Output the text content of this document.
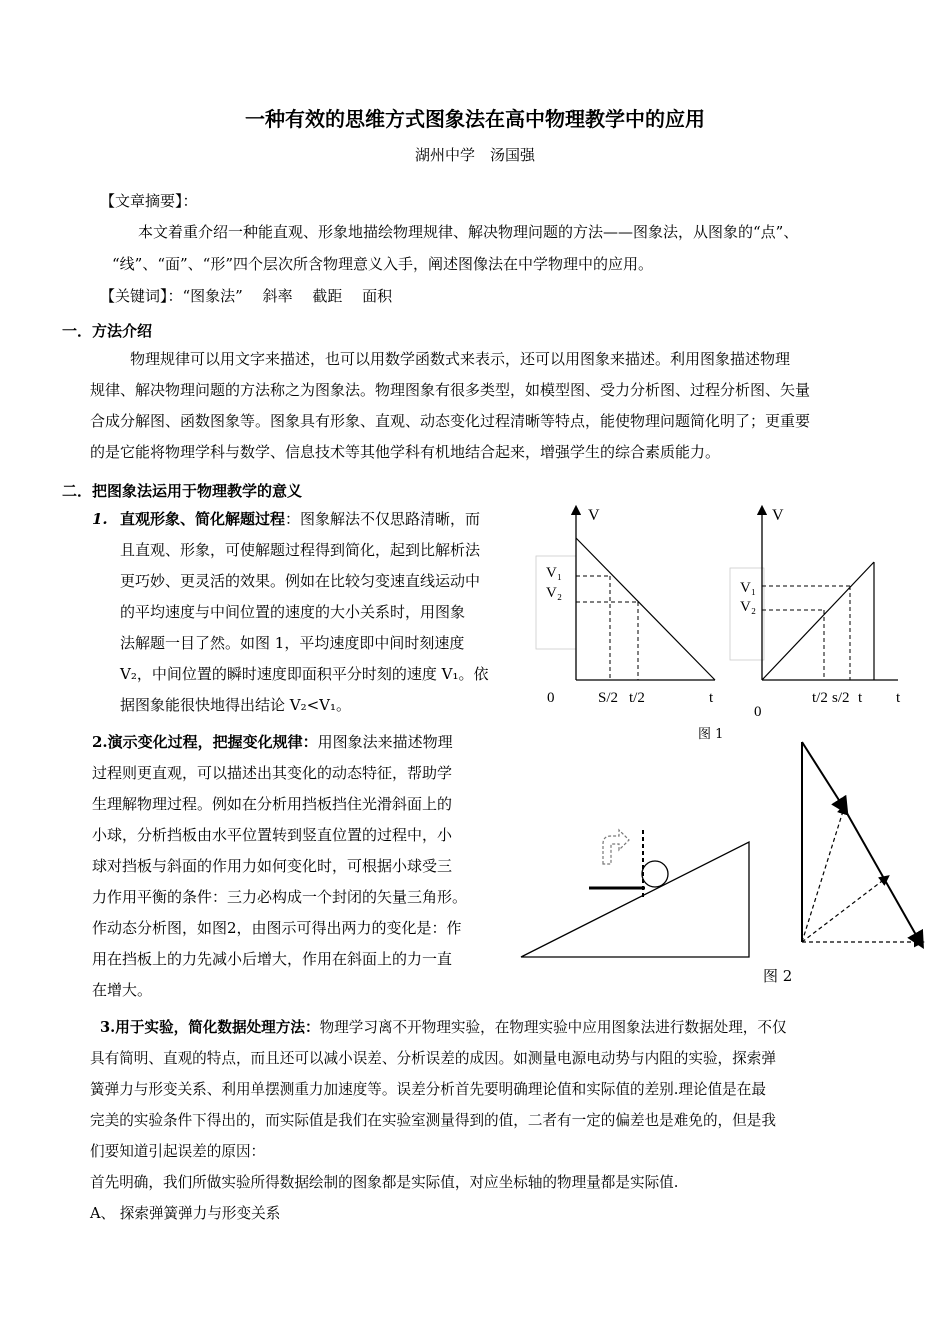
一种有效的思维方式图象法在高中物理教学中的应用
湖州中学　汤国强
【文章摘要】：
本文着重介绍一种能直观、形象地描绘物理规律、解决物理问题的方法——图象法，从图象的“点”、
“线”、“面”、“形”四个层次所含物理意义入手，阐述图像法在中学物理中的应用。
【关键词】：“图象法”　 斜率　 截距　 面积
一．方法介绍
物理规律可以用文字来描述，也可以用数学函数式来表示，还可以用图象来描述。利用图象描述物理
规律、解决物理问题的方法称之为图象法。物理图象有很多类型，如模型图、受力分析图、过程分析图、矢量
合成分解图、函数图象等。图象具有形象、直观、动态变化过程清晰等特点，能使物理问题简化明了；更重要
的是它能将物理学科与数学、信息技术等其他学科有机地结合起来，增强学生的综合素质能力。
二．把图象法运用于物理教学的意义
1. 直观形象、简化解题过程：图象解法不仅思路清晰，而
且直观、形象，可使解题过程得到简化，起到比解析法
更巧妙、更灵活的效果。例如在比较匀变速直线运动中
的平均速度与中间位置的速度的大小关系时，用图象
法解题一目了然。如图 1，平均速度即中间时刻速度
V₂，中间位置的瞬时速度即面积平分时刻的速度 V₁。依
据图象能很快地得出结论 V₂<V₁。
2.演示变化过程，把握变化规律：用图象法来描述物理
过程则更直观，可以描述出其变化的动态特征，帮助学
生理解物理过程。例如在分析用挡板挡住光滑斜面上的
小球，分析挡板由水平位置转到竖直位置的过程中，小
球对挡板与斜面的作用力如何变化时，可根据小球受三
力作用平衡的条件：三力必构成一个封闭的矢量三角形。
作动态分析图，如图2，由图示可得出两力的变化是：作
用在挡板上的力先减小后增大，作用在斜面上的力一直
在增大。
3.用于实验，简化数据处理方法：物理学习离不开物理实验，在物理实验中应用图象法进行数据处理，不仅
具有简明、直观的特点，而且还可以减小误差、分析误差的成因。如测量电源电动势与内阻的实验，探索弹
簧弹力与形变关系、利用单摆测重力加速度等。误差分析首先要明确理论值和实际值的差别.理论值是在最
完美的实验条件下得出的，而实际值是我们在实验室测量得到的值，二者有一定的偏差也是难免的，但是我
们要知道引起误差的原因：
首先明确，我们所做实验所得数据绘制的图象都是实际值，对应坐标轴的物理量都是实际值.
A、 探索弹簧弹力与形变关系
V
V₁
V₂
0	S/2 t/2	t
V
V₁
V₂
0
t/2 s/2 t t
图 1
图 2
